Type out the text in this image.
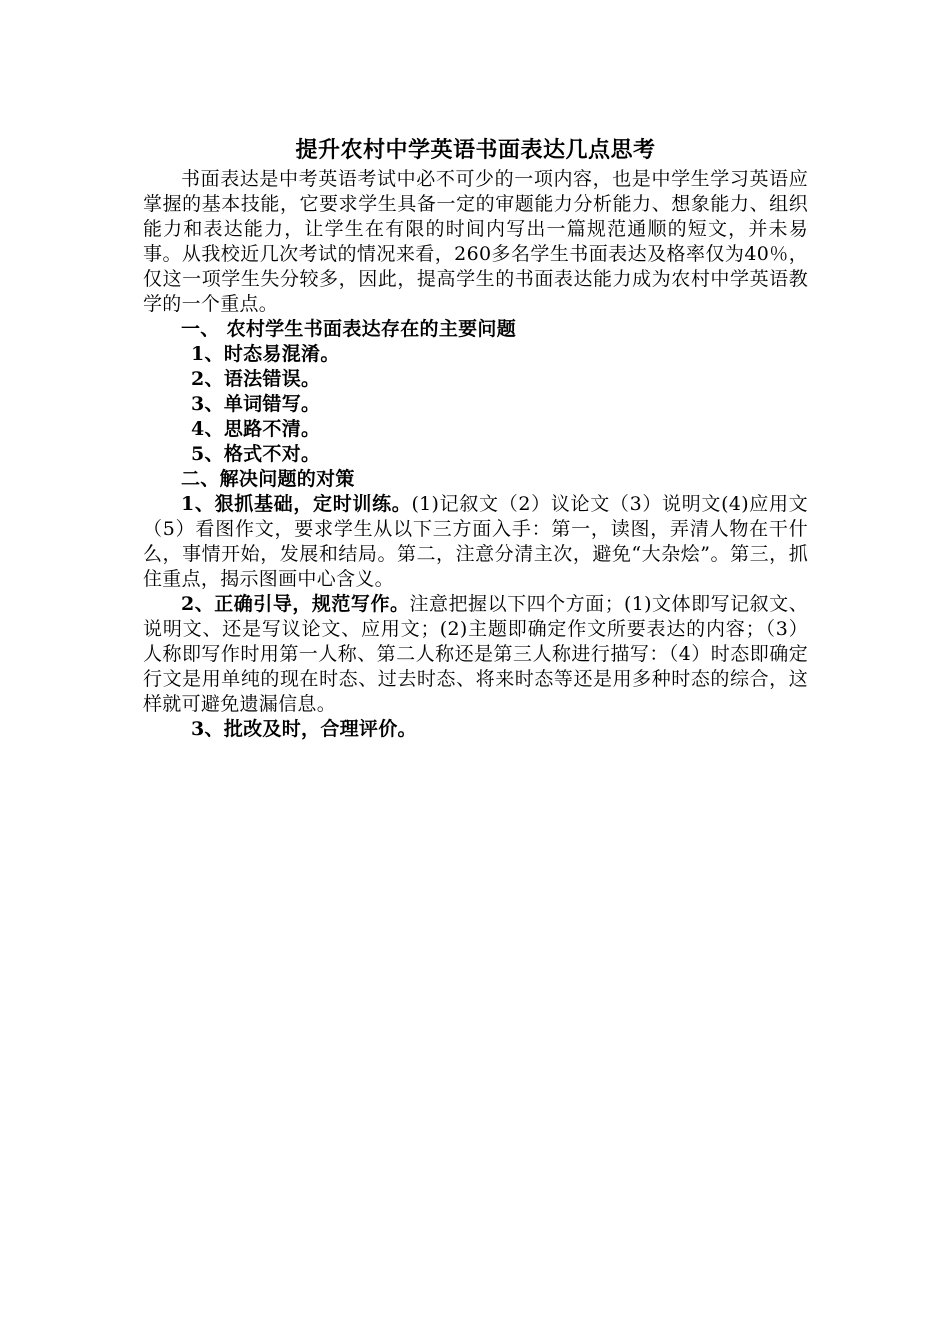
提升农村中学英语书面表达几点思考

书面表达是中考英语考试中必不可少的一项内容，也是中学生学习英语应掌握的基本技能，它要求学生具备一定的审题能力分析能力、想象能力、组织能力和表达能力，让学生在有限的时间内写出一篇规范通顺的短文，并未易事。从我校近几次考试的情况来看，260多名学生书面表达及格率仅为40％，仅这一项学生失分较多，因此，提高学生的书面表达能力成为农村中学英语教学的一个重点。

一、 农村学生书面表达存在的主要问题

1、时态易混淆。

2、语法错误。

3、单词错写。

4、思路不清。

5、格式不对。

二、解决问题的对策

1、狠抓基础，定时训练。(1)记叙文（2）议论文（3）说明文(4)应用文（5）看图作文，要求学生从以下三方面入手：第一，读图，弄清人物在干什么，事情开始，发展和结局。第二，注意分清主次，避免“大杂烩”。第三，抓住重点，揭示图画中心含义。

2、正确引导，规范写作。注意把握以下四个方面；(1)文体即写记叙文、说明文、还是写议论文、应用文；(2)主题即确定作文所要表达的内容；（3）人称即写作时用第一人称、第二人称还是第三人称进行描写：（4）时态即确定行文是用单纯的现在时态、过去时态、将来时态等还是用多种时态的综合，这样就可避免遗漏信息。

3、批改及时，合理评价。
